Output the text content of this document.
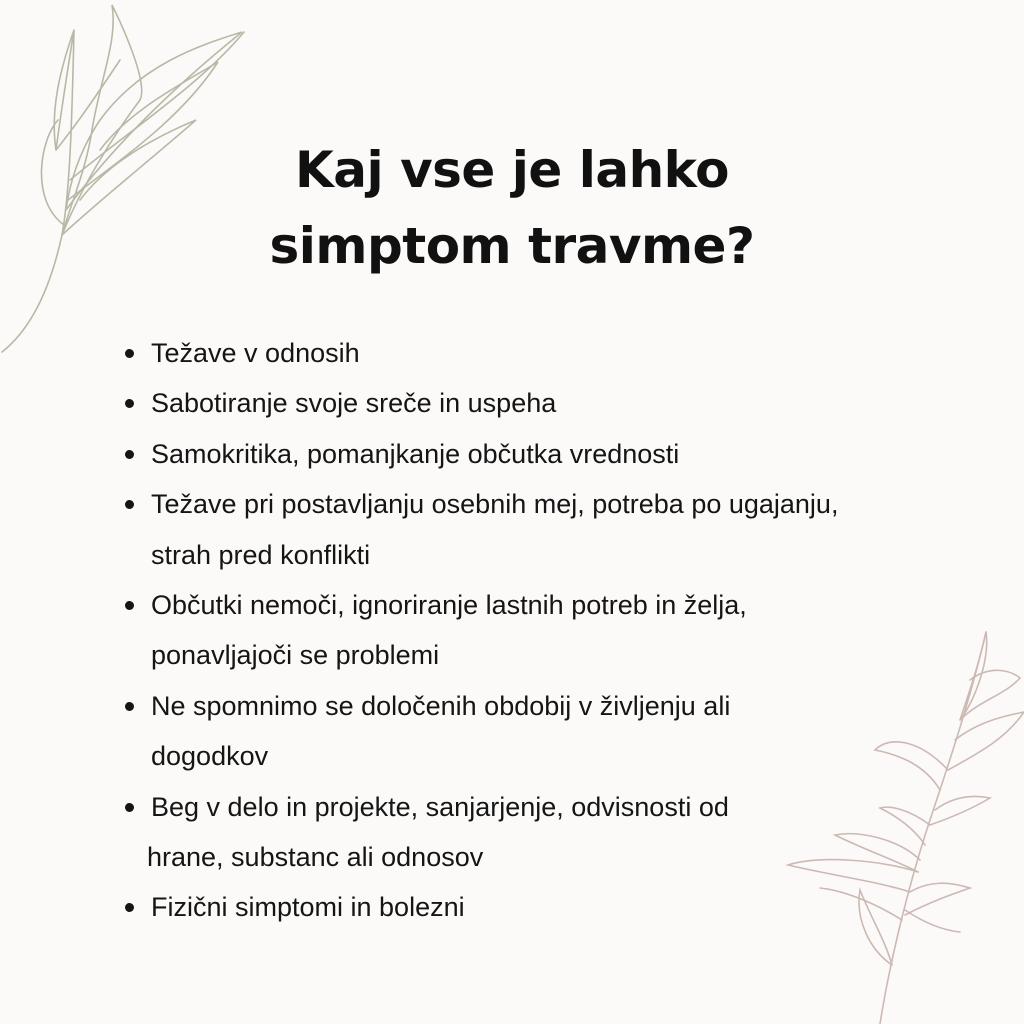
Kaj vse je lahko
simptom travme?
Težave v odnosih
Sabotiranje svoje sreče in uspeha
Samokritika, pomanjkanje občutka vrednosti
Težave pri postavljanju osebnih mej, potreba po ugajanju,
strah pred konflikti
Občutki nemoči, ignoriranje lastnih potreb in želja,
ponavljajoči se problemi
Ne spomnimo se določenih obdobij v življenju ali
dogodkov
Beg v delo in projekte, sanjarjenje, odvisnosti od
hrane, substanc ali odnosov
Fizični simptomi in bolezni
